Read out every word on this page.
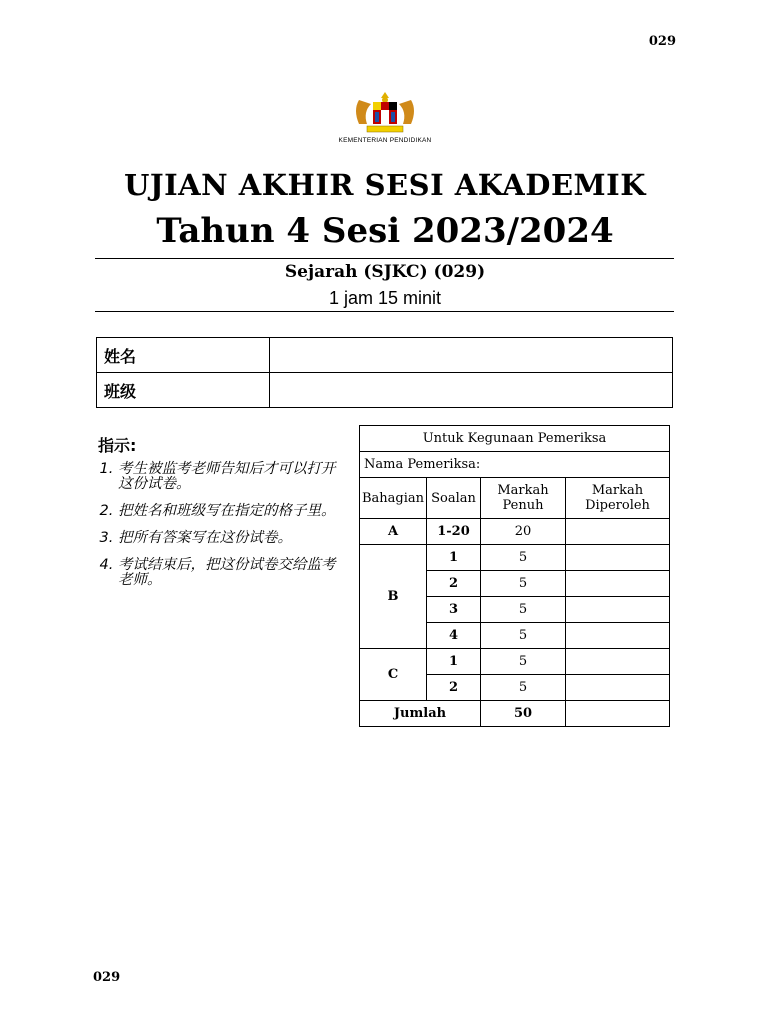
029
KEMENTERIAN PENDIDIKAN
UJIAN AKHIR SESI AKADEMIK
Tahun 4 Sesi 2023/2024
Sejarah (SJKC) (029)
1 jam 15 minit
姓名	
班级	
指示:
1. 考生被监考老师告知后才可以打开这份试卷。
2. 把姓名和班级写在指定的格子里。
3. 把所有答案写在这份试卷。
4. 考试结束后，把这份试卷交给监考老师。
Untuk Kegunaan Pemeriksa			
Nama Pemeriksa:			
Bahagian	Soalan	Markah Penuh	Markah Diperoleh
A	1-20	20	
B	1	5	
	2	5	
	3	5	
	4	5	
C	1	5	
	2	5	
Jumlah		50	
029
